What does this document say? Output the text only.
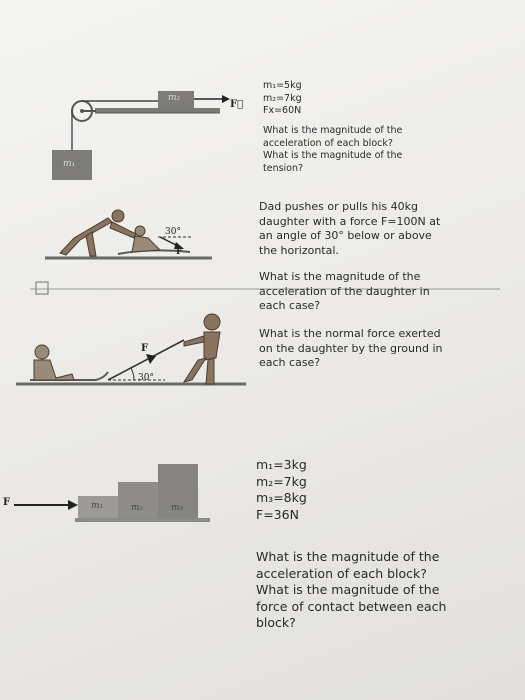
m₂
m₁
F⃗
30°
F
F
30°
F	m₁	m₂	m₃
m₁=5kg
m₂=7kg
Fx=60N
What is the magnitude of the
acceleration of each block?
What is the magnitude of the
tension?
Dad pushes or pulls his 40kg
daughter with a force F=100N at
an angle of 30° below or above
the horizontal.
What is the magnitude of the
acceleration of the daughter in
each case?
What is the normal force exerted
on the daughter by the ground in
each case?
m₁=3kg
m₂=7kg
m₃=8kg
F=36N
What is the magnitude of the
acceleration of each block?
What is the magnitude of the
force of contact between each
block?
